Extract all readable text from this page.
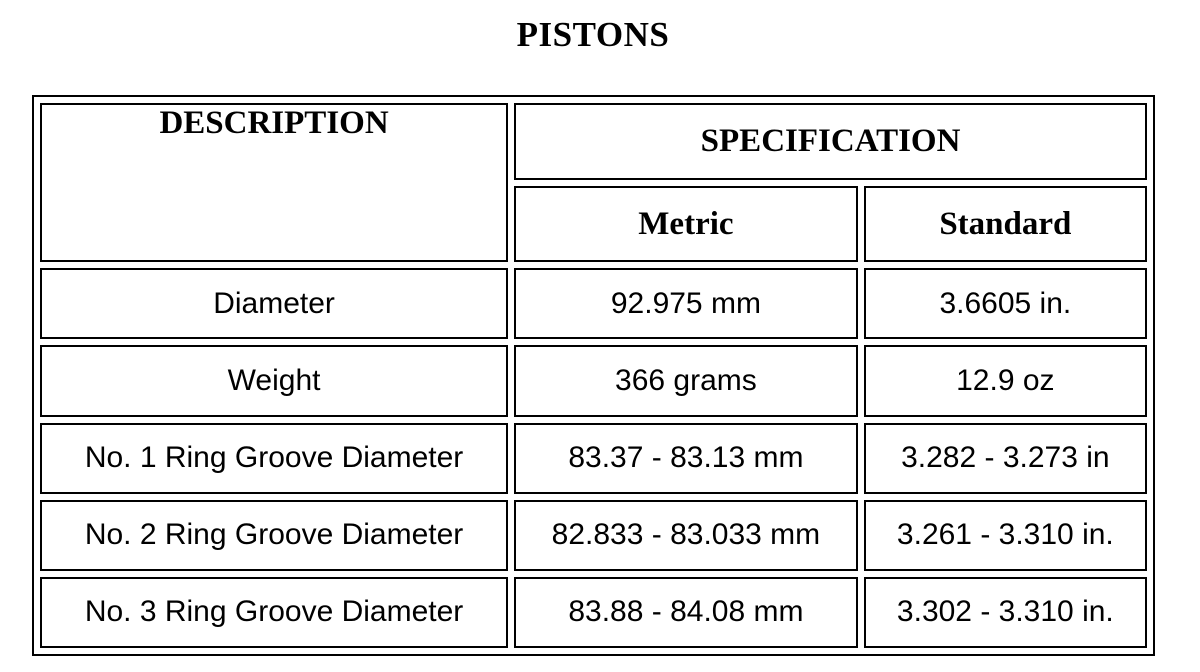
PISTONS
DESCRIPTION	SPECIFICATION	
	Metric	Standard
Diameter	92.975 mm	3.6605 in.
Weight	366 grams	12.9 oz
No. 1 Ring Groove Diameter	83.37 - 83.13 mm	3.282 - 3.273 in
No. 2 Ring Groove Diameter	82.833 - 83.033 mm	3.261 - 3.310 in.
No. 3 Ring Groove Diameter	83.88 - 84.08 mm	3.302 - 3.310 in.
